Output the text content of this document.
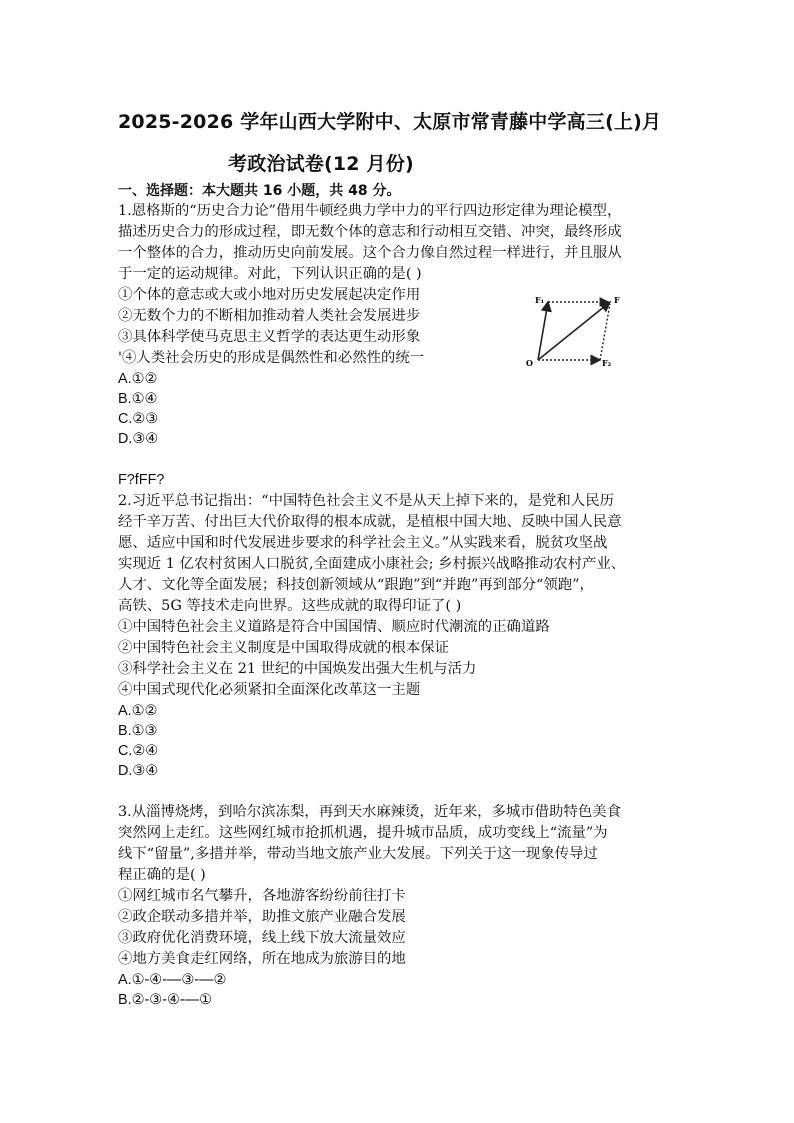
2025-2026 学年山西大学附中、太原市常青藤中学高三(上)月
考政治试卷(12 月份)
一、选择题：本大题共 16 小题，共 48 分。
1.恩格斯的“历史合力论”借用牛顿经典力学中力的平行四边形定律为理论模型，
描述历史合力的形成过程，即无数个体的意志和行动相互交错、冲突，最终形成
一个整体的合力，推动历史向前发展。这个合力像自然过程一样进行，并且服从
于一定的运动规律。对此，下列认识正确的是( )
①个体的意志或大或小地对历史发展起决定作用
②无数个力的不断相加推动着人类社会发展进步
③具体科学使马克思主义哲学的表达更生动形象
'④人类社会历史的形成是偶然性和必然性的统一
A.①②
B.①④
C.②③
D.③④
F₁	F
O	F₂
F?fFF?
2.习近平总书记指出：“中国特色社会主义不是从天上掉下来的，是党和人民历
经千辛万苦、付出巨大代价取得的根本成就，是植根中国大地、反映中国人民意
愿、适应中国和时代发展进步要求的科学社会主义。”从实践来看，脱贫攻坚战
实现近 1 亿农村贫困人口脱贫,全面建成小康社会; 乡村振兴战略推动农村产业、
人才、文化等全面发展；科技创新领域从“跟跑”到“并跑”再到部分“领跑”，
高铁、5G 等技术走向世界。这些成就的取得印证了( )
①中国特色社会主义道路是符合中国国情、顺应时代潮流的正确道路
②中国特色社会主义制度是中国取得成就的根本保证
③科学社会主义在 21 世纪的中国焕发出强大生机与活力
④中国式现代化必须紧扣全面深化改革这一主题
A.①②
B.①③
C.②④
D.③④
3.从淄博烧烤，到哈尔滨冻梨，再到天水麻辣烫，近年来，多城市借助特色美食
突然网上走红。这些网红城市抢抓机遇，提升城市品质，成功变线上“流量”为
线下“留量”,多措并举，带动当地文旅产业大发展。下列关于这一现象传导过
程正确的是( )
①网红城市名气攀升，各地游客纷纷前往打卡
②政企联动多措并举，助推文旅产业融合发展
③政府优化消费环境，线上线下放大流量效应
④地方美食走红网络，所在地成为旅游目的地
A.①-④-—③-—②
B.②-③-④-—①
